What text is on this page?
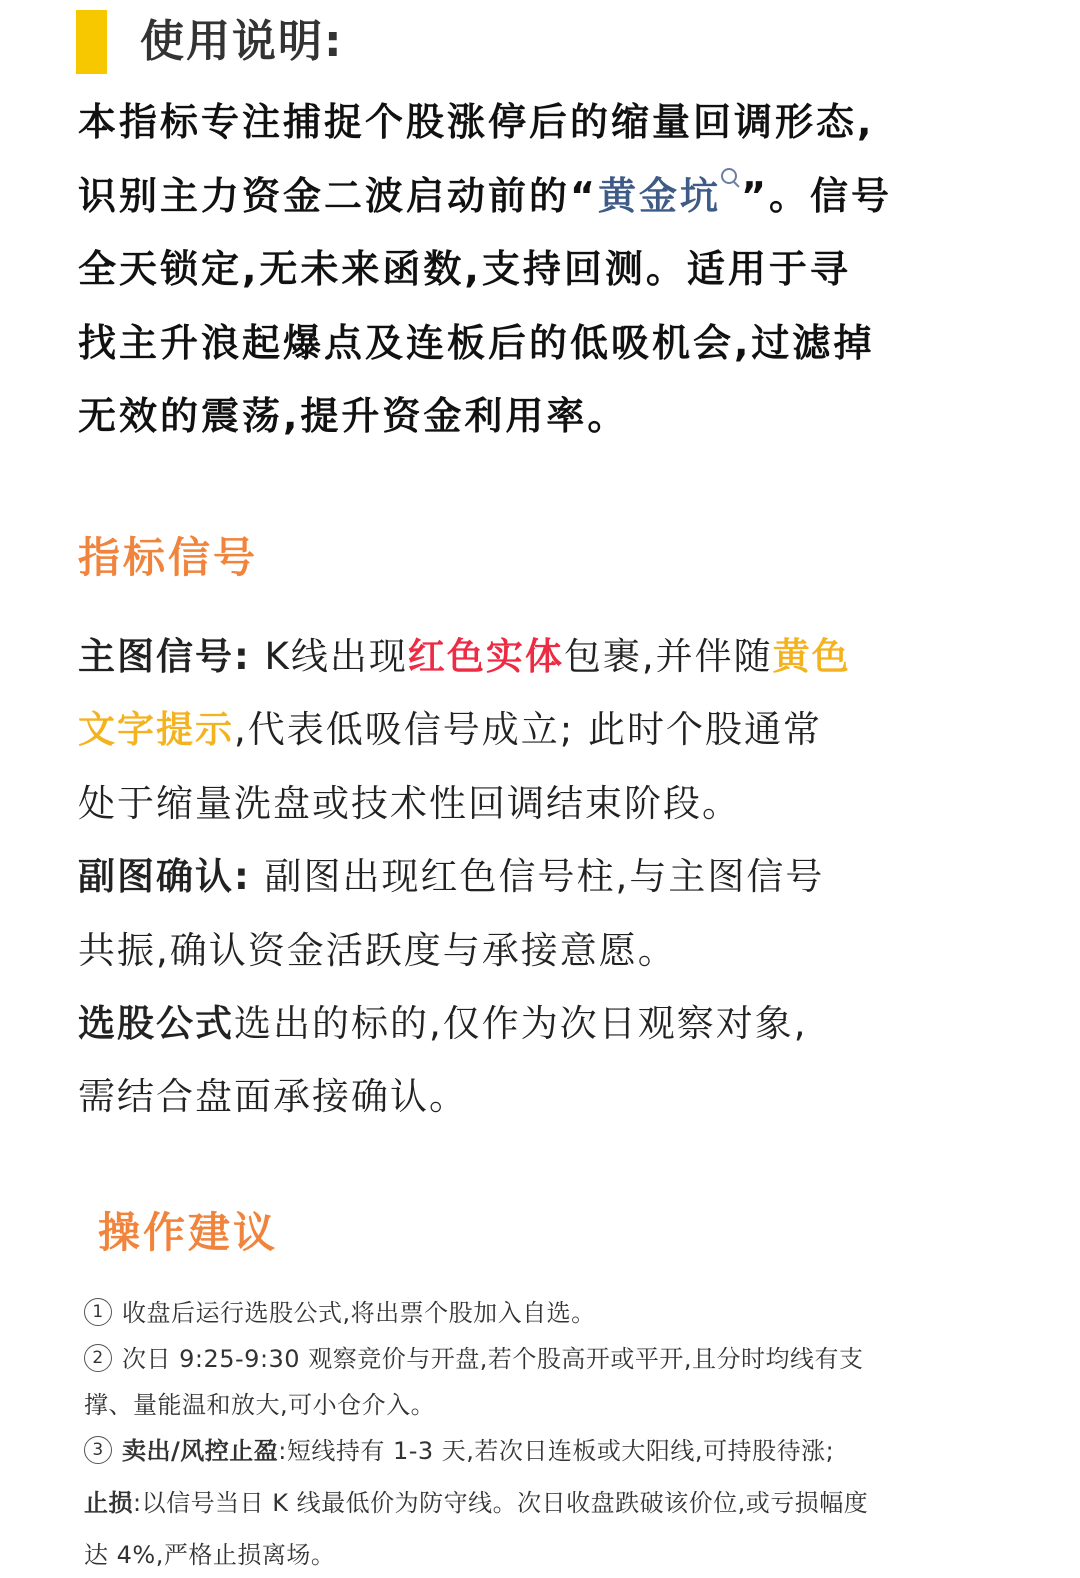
使用说明:
本指标专注捕捉个股涨停后的缩量回调形态,
识别主力资金二波启动前的“黄金坑 ”。信号
全天锁定,无未来函数,支持回测。适用于寻
找主升浪起爆点及连板后的低吸机会,过滤掉
无效的震荡,提升资金利用率。
指标信号
主图信号: K线出现红色实体包裹,并伴随黄色
文字提示,代表低吸信号成立; 此时个股通常
处于缩量洗盘或技术性回调结束阶段。
副图确认: 副图出现红色信号柱,与主图信号
共振,确认资金活跃度与承接意愿。
选股公式选出的标的,仅作为次日观察对象,
需结合盘面承接确认。
操作建议
1 收盘后运行选股公式,将出票个股加入自选。
2 次日 9:25-9:30 观察竞价与开盘,若个股高开或平开,且分时均线有支
撑、量能温和放大,可小仓介入。
3 卖出/风控止盈:短线持有 1-3 天,若次日连板或大阳线,可持股待涨;
止损:以信号当日 K 线最低价为防守线。次日收盘跌破该价位,或亏损幅度
达 4%,严格止损离场。
